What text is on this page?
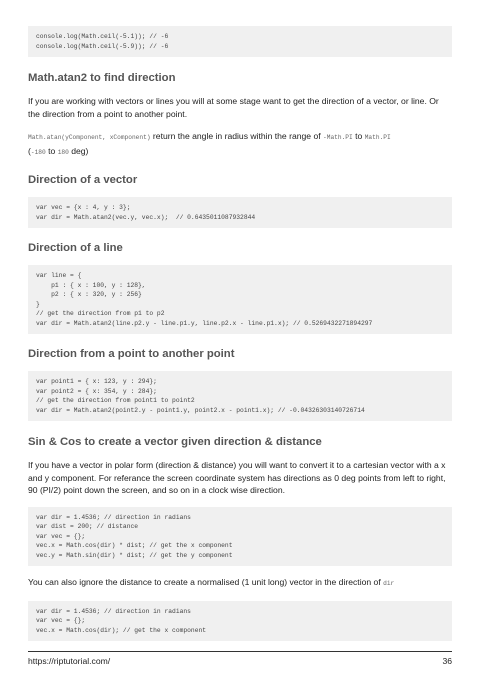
console.log(Math.ceil(-5.1)); // -6
console.log(Math.ceil(-5.9)); // -6
Math.atan2 to find direction

If you are working with vectors or lines you will at some stage want to get the direction of a vector, or line. Or the direction from a point to another point.

Math.atan(yComponent, xComponent) return the angle in radius within the range of -Math.PI to Math.PI
(-180 to 180 deg)

Direction of a vector
var vec = {x : 4, y : 3};
var dir = Math.atan2(vec.y, vec.x);  // 0.6435011087932844
Direction of a line
var line = {
p1 : { x : 100, y : 128},
p2 : { x : 320, y : 256}
}
// get the direction from p1 to p2
var dir = Math.atan2(line.p2.y - line.p1.y, line.p2.x - line.p1.x); // 0.5269432271894297
Direction from a point to another point
var point1 = { x: 123, y : 294};
var point2 = { x: 354, y : 284};
// get the direction from point1 to point2
var dir = Math.atan2(point2.y - point1.y, point2.x - point1.x); // -0.04326303140726714
Sin & Cos to create a vector given direction & distance

If you have a vector in polar form (direction & distance) you will want to convert it to a cartesian vector with a x and y component. For referance the screen coordinate system has directions as 0 deg points from left to right, 90 (PI/2) point down the screen, and so on in a clock wise direction.

var dir = 1.4536; // direction in radians
var dist = 200; // distance
var vec = {};
vec.x = Math.cos(dir) * dist; // get the x component
vec.y = Math.sin(dir) * dist; // get the y component

You can also ignore the distance to create a normalised (1 unit long) vector in the direction of dir

var dir = 1.4536; // direction in radians
var vec = {};
vec.x = Math.cos(dir); // get the x component
https://riptutorial.com/	36
